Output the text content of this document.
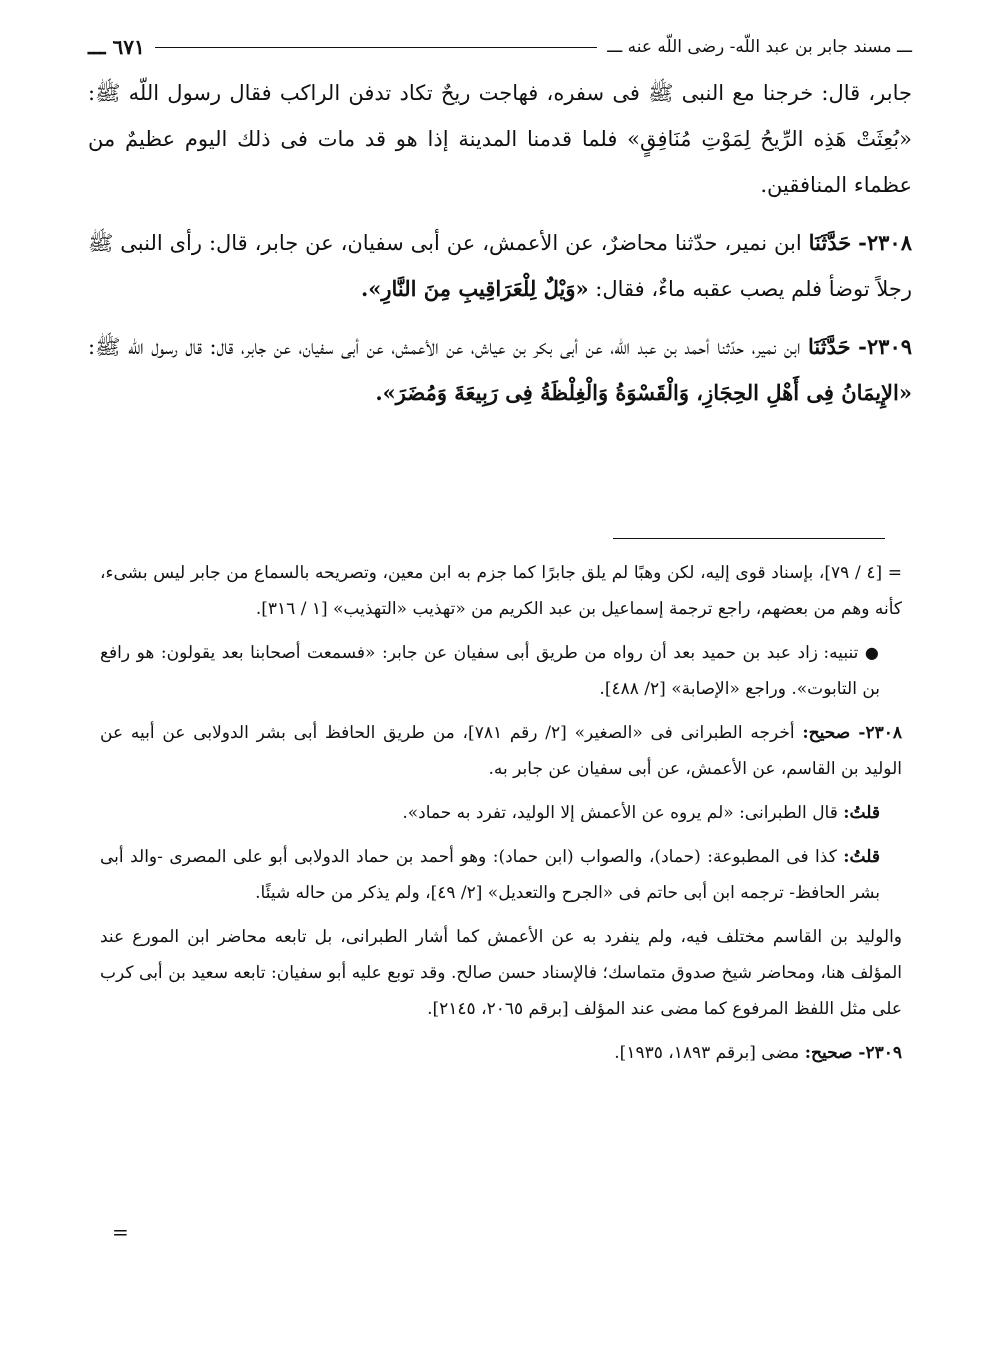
ـــ مسند جابر بن عبد اللّه- رضى اللّه عنه ـــ
٦٧١ ـــ

جابر، قال: خرجنا مع النبى ﷺ فى سفره، فهاجت ريحٌ تكاد تدفن الراكب فقال رسول اللّه ﷺ: «بُعِثَتْ هَذِه الرِّيحُ لِمَوْتِ مُنَافِقٍ» فلما قدمنا المدينة إذا هو قد مات فى ذلك اليوم عظيمٌ من عظماء المنافقين.

٢٣٠٨- حَدَّثَنَا ابن نمير، حدّثنا محاضرٌ، عن الأعمش، عن أبى سفيان، عن جابر، قال: رأى النبى ﷺ رجلاً توضأ فلم يصب عقبه ماءٌ، فقال: «وَيْلٌ لِلْعَرَاقِيبِ مِنَ النَّارِ».

٢٣٠٩- حَدَّثَنَا ابن نمير، حدّثنا أحمد بن عبد اللّه، عن أبى بكر بن عياش، عن الأعمش، عن أبى سفيان، عن جابر، قال: قال رسول اللّه ﷺ: «الإِيمَانُ فِى أَهْلِ الحِجَازِ، وَالْقَسْوَةُ وَالْغِلْظَةُ فِى رَبِيعَةَ وَمُضَرَ».

= [٤ / ٧٩]، بإسناد قوى إليه، لكن وهبًا لم يلق جابرًا كما جزم به ابن معين، وتصريحه بالسماع من جابر ليس بشىء، كأنه وهم من بعضهم، راجع ترجمة إسماعيل بن عبد الكريم من «تهذيب «التهذيب» [١ / ٣١٦].

● تنبيه: زاد عبد بن حميد بعد أن رواه من طريق أبى سفيان عن جابر: «فسمعت أصحابنا بعد يقولون: هو رافع بن التابوت». وراجع «الإصابة» [٢/ ٤٨٨].

٢٣٠٨- صحيح: أخرجه الطبرانى فى «الصغير» [٢/ رقم ٧٨١]، من طريق الحافظ أبى بشر الدولابى عن أبيه عن الوليد بن القاسم، عن الأعمش، عن أبى سفيان عن جابر به.

قلتُ: قال الطبرانى: «لم يروه عن الأعمش إلا الوليد، تفرد به حماد».

قلتُ: كذا فى المطبوعة: (حماد)، والصواب (ابن حماد): وهو أحمد بن حماد الدولابى أبو على المصرى -والد أبى بشر الحافظ- ترجمه ابن أبى حاتم فى «الجرح والتعديل» [٢/ ٤٩]، ولم يذكر من حاله شيئًا.

والوليد بن القاسم مختلف فيه، ولم ينفرد به عن الأعمش كما أشار الطبرانى، بل تابعه محاضر ابن المورع عند المؤلف هنا، ومحاضر شيخ صدوق متماسك؛ فالإسناد حسن صالح. وقد توبع عليه أبو سفيان: تابعه سعيد بن أبى كرب على مثل اللفظ المرفوع كما مضى عند المؤلف [برقم ٢٠٦٥، ٢١٤٥].

٢٣٠٩- صحيح: مضى [برقم ١٨٩٣، ١٩٣٥].

=
